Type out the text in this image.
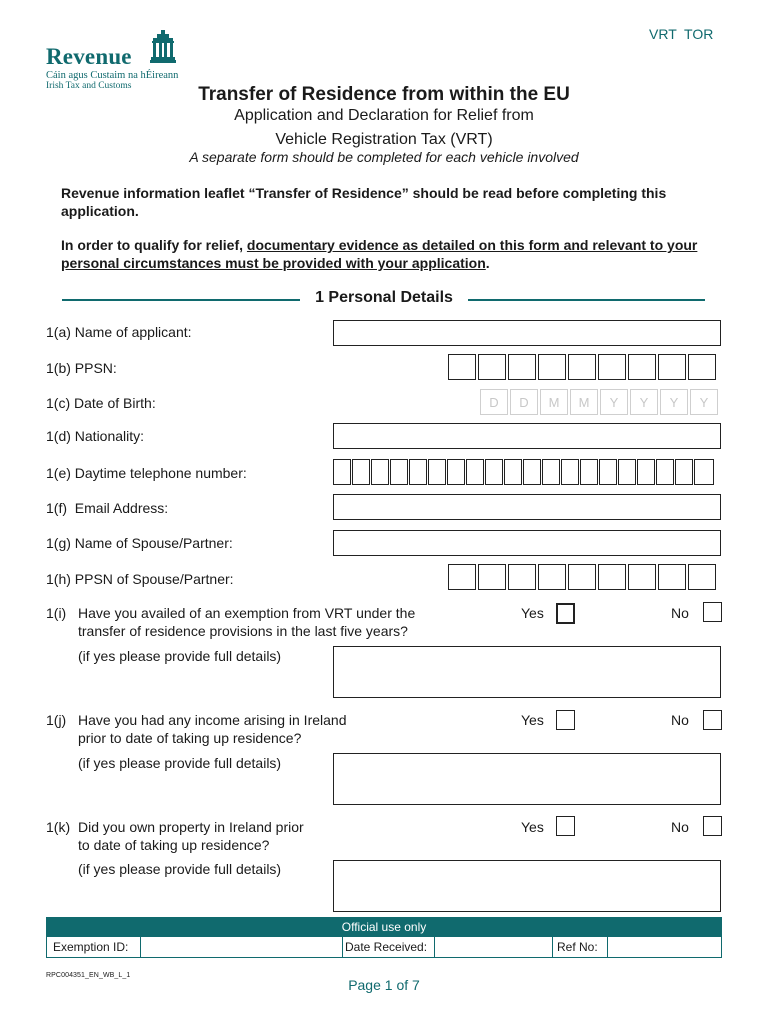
VRT  TOR
Revenue
Cáin agus Custaim na hÉireann
Irish Tax and Customs	Transfer of Residence from within the EU
Application and Declaration for Relief from
Vehicle Registration Tax (VRT)
A separate form should be completed for each vehicle involved
Revenue information leaflet “Transfer of Residence” should be read before completing this application.
In order to qualify for relief, documentary evidence as detailed on this form and relevant to your personal circumstances must be provided with your application.
1 Personal Details
1(a) Name of applicant:
1(b) PPSN:
1(c) Date of Birth:	D	D	M	M	Y	Y	Y	Y
1(d) Nationality:
1(e) Daytime telephone number:
1(f)  Email Address:
1(g) Name of Spouse/Partner:
1(h) PPSN of Spouse/Partner:
1(i) Have you availed of an exemption from VRT under the
transfer of residence provisions in the last five years?
Yes	No
(if yes please provide full details)
1(j) Have you had any income arising in Ireland
prior to date of taking up residence?
Yes	No
(if yes please provide full details)
1(k) Did you own property in Ireland prior
to date of taking up residence?
Yes	No
(if yes please provide full details)
Official use only
Exemption ID:	Date Received:	Ref No:
RPC004351_EN_WB_L_1
Page 1 of 7
